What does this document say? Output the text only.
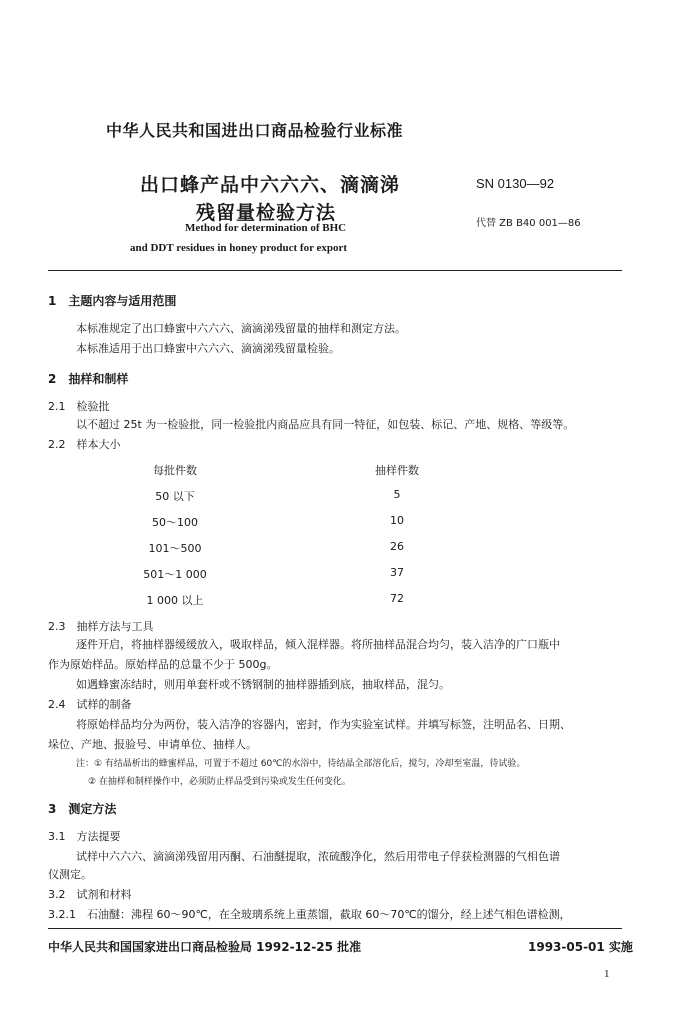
中华人民共和国进出口商品检验行业标准
出口蜂产品中六六六、滴滴涕
残留量检验方法
SN 0130—92
代替 ZB B40 001—86
Method for determination of BHC
and DDT residues in honey product for export
1　主题内容与适用范围
本标准规定了出口蜂蜜中六六六、滴滴涕残留量的抽样和测定方法。
本标准适用于出口蜂蜜中六六六、滴滴涕残留量检验。
2　抽样和制样
2.1　检验批
以不超过 25t 为一检验批，同一检验批内商品应具有同一特征，如包装、标记、产地、规格、等级等。
2.2　样本大小
每批件数	抽样件数
50 以下	5
50～100	10
101～500	26
501～1 000	37
1 000 以上	72
2.3　抽样方法与工具
逐件开启，将抽样器缓缓放入，吸取样品，倾入混样器。将所抽样品混合均匀，装入洁净的广口瓶中
作为原始样品。原始样品的总量不少于 500g。
如遇蜂蜜冻结时，则用单套杆或不锈钢制的抽样器插到底，抽取样品，混匀。
2.4　试样的制备
将原始样品均分为两份，装入洁净的容器内，密封，作为实验室试样。并填写标签，注明品名、日期、
垛位、产地、报验号、申请单位、抽样人。
注：① 有结晶析出的蜂蜜样品，可置于不超过 60℃的水浴中，待结晶全部溶化后，搅匀，冷却至室温，待试验。
② 在抽样和制样操作中，必须防止样品受到污染或发生任何变化。
3　测定方法
3.1　方法提要
试样中六六六、滴滴涕残留用丙酮、石油醚提取，浓硫酸净化，然后用带电子俘获检测器的气相色谱
仪测定。
3.2　试剂和材料
3.2.1　石油醚：沸程 60～90℃，在全玻璃系统上重蒸馏，截取 60～70℃的馏分，经上述气相色谱检测，
中华人民共和国国家进出口商品检验局 1992-12-25 批准	1993-05-01 实施
1
